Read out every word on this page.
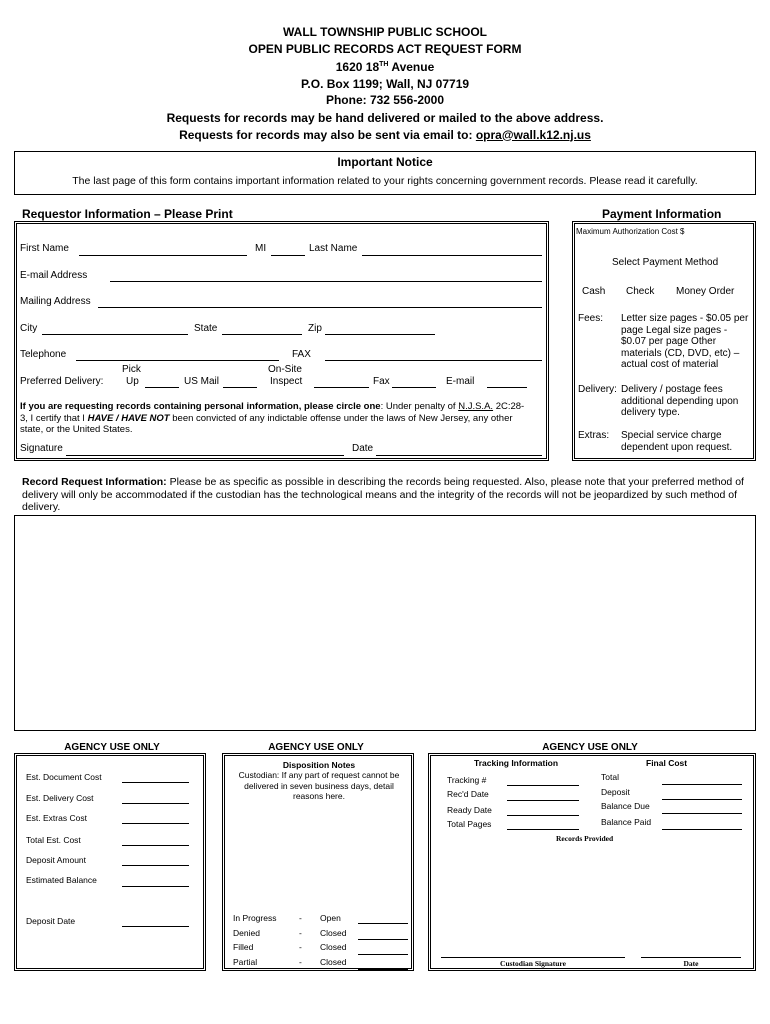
WALL TOWNSHIP PUBLIC SCHOOL
OPEN PUBLIC RECORDS ACT REQUEST FORM
1620 18TH Avenue
P.O. Box 1199; Wall, NJ 07719
Phone: 732 556-2000
Requests for records may be hand delivered or mailed to the above address.
Requests for records may also be sent via email to: opra@wall.k12.nj.us
Important Notice
The last page of this form contains important information related to your rights concerning government records. Please read it carefully.
Requestor Information – Please Print
First Name	MI	Last Name
E-mail Address
Mailing Address
City	State	Zip
Telephone	FAX
Preferred Delivery:
Pick
Up	US Mail
On-Site
Inspect	Fax	E-mail
If you are requesting records containing personal information, please circle one: Under penalty of N.J.S.A. 2C:28-3, I certify that I HAVE / HAVE NOT been convicted of any indictable offense under the laws of New Jersey, any other state, or the United States.
Signature	Date
Payment Information
Maximum Authorization Cost $
Select Payment Method
Cash Check Money Order
Fees: Letter size pages - $0.05 per page Legal size pages - $0.07 per page Other materials (CD, DVD, etc) – actual cost of material
Delivery: Delivery / postage fees additional depending upon delivery type.
Extras: Special service charge dependent upon request.
Record Request Information: Please be as specific as possible in describing the records being requested. Also, please note that your preferred method of delivery will only be accommodated if the custodian has the technological means and the integrity of the records will not be jeopardized by such method of delivery.
AGENCY USE ONLY
Est. Document Cost
Est. Delivery Cost
Est. Extras Cost
Total Est. Cost
Deposit Amount
Estimated Balance
Deposit Date
AGENCY USE ONLY
Disposition Notes
Custodian: If any part of request cannot be delivered in seven business days, detail reasons here.
In Progress	- Open
Denied	- Closed
Filled	- Closed
Partial	- Closed
AGENCY USE ONLY
Tracking Information	Final Cost
Tracking #
Rec'd Date
Ready Date
Total Pages
Total
Deposit
Balance Due
Balance Paid
Records Provided
Custodian Signature	Date
